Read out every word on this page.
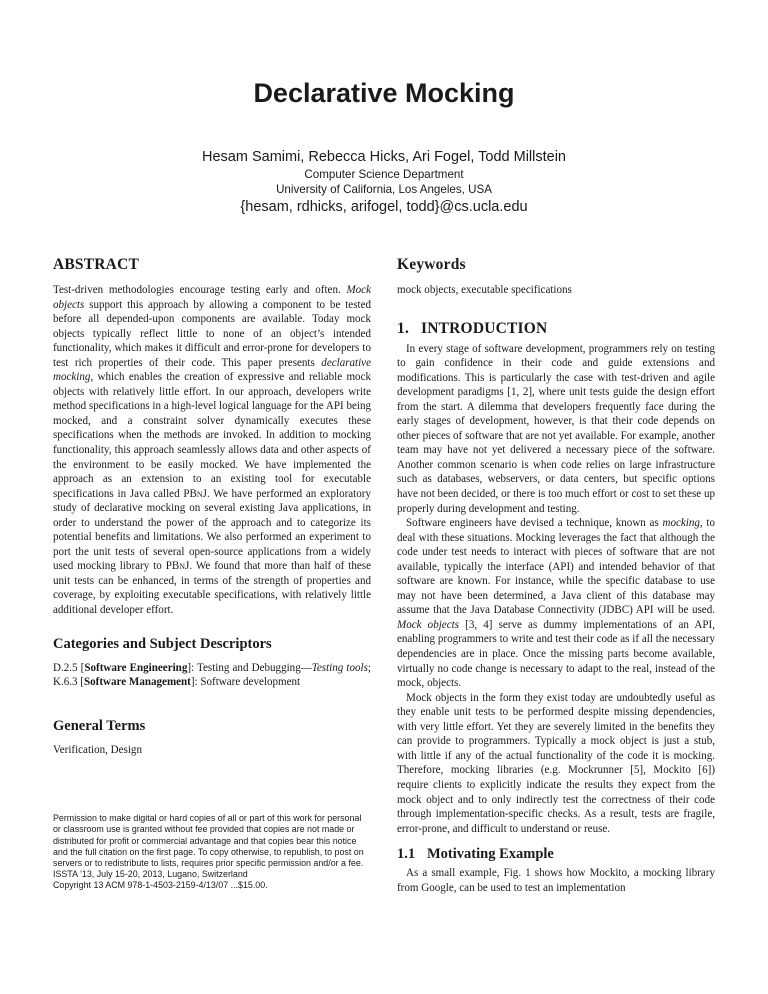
Declarative Mocking
Hesam Samimi, Rebecca Hicks, Ari Fogel, Todd Millstein
Computer Science Department
University of California, Los Angeles, USA
{hesam, rdhicks, arifogel, todd}@cs.ucla.edu
ABSTRACT

Test-driven methodologies encourage testing early and often. Mock objects support this approach by allowing a component to be tested before all depended-upon components are available. Today mock objects typically reflect little to none of an object’s intended functionality, which makes it difficult and error-prone for developers to test rich properties of their code. This paper presents declarative mocking, which enables the creation of expressive and reliable mock objects with relatively little effort. In our approach, developers write method specifications in a high-level logical language for the API being mocked, and a constraint solver dynamically executes these specifications when the methods are invoked. In addition to mocking functionality, this approach seamlessly allows data and other aspects of the environment to be easily mocked. We have implemented the approach as an extension to an existing tool for executable specifications in Java called PBnJ. We have performed an exploratory study of declarative mocking on several existing Java applications, in order to understand the power of the approach and to categorize its potential benefits and limitations. We also performed an experiment to port the unit tests of several open-source applications from a widely used mocking library to PBnJ. We found that more than half of these unit tests can be enhanced, in terms of the strength of properties and coverage, by exploiting executable specifications, with relatively little additional developer effort.

Categories and Subject Descriptors

D.2.5 [Software Engineering]: Testing and Debugging—Testing tools; K.6.3 [Software Management]: Software development

General Terms

Verification, Design

Permission to make digital or hard copies of all or part of this work for personal or classroom use is granted without fee provided that copies are not made or distributed for profit or commercial advantage and that copies bear this notice and the full citation on the first page. To copy otherwise, to republish, to post on servers or to redistribute to lists, requires prior specific permission and/or a fee.

ISSTA ’13, July 15-20, 2013, Lugano, Switzerland

Copyright 13 ACM 978-1-4503-2159-4/13/07 ...$15.00.

Keywords

mock objects, executable specifications

1. INTRODUCTION

In every stage of software development, programmers rely on testing to gain confidence in their code and guide extensions and modifications. This is particularly the case with test-driven and agile development paradigms [1, 2], where unit tests guide the design effort from the start. A dilemma that developers frequently face during the early stages of development, however, is that their code depends on other pieces of software that are not yet available. For example, another team may have not yet delivered a necessary piece of the software. Another common scenario is when code relies on large infrastructure such as databases, webservers, or data centers, but specific options have not been decided, or there is too much effort or cost to set these up properly during development and testing.

Software engineers have devised a technique, known as mocking, to deal with these situations. Mocking leverages the fact that although the code under test needs to interact with pieces of software that are not available, typically the interface (API) and intended behavior of that software are known. For instance, while the specific database to use may not have been determined, a Java client of this database may assume that the Java Database Connectivity (JDBC) API will be used. Mock objects [3, 4] serve as dummy implementations of an API, enabling programmers to write and test their code as if all the necessary dependencies are in place. Once the missing parts become available, virtually no code change is necessary to adapt to the real, instead of the mock, objects.

Mock objects in the form they exist today are undoubtedly useful as they enable unit tests to be performed despite missing dependencies, with very little effort. Yet they are severely limited in the benefits they can provide to programmers. Typically a mock object is just a stub, with little if any of the actual functionality of the code it is mocking. Therefore, mocking libraries (e.g. Mockrunner [5], Mockito [6]) require clients to explicitly indicate the results they expect from the mock object and to only indirectly test the correctness of their code through implementation-specific checks. As a result, tests are fragile, error-prone, and difficult to understand or reuse.

1.1 Motivating Example

As a small example, Fig. 1 shows how Mockito, a mocking library from Google, can be used to test an implementation
